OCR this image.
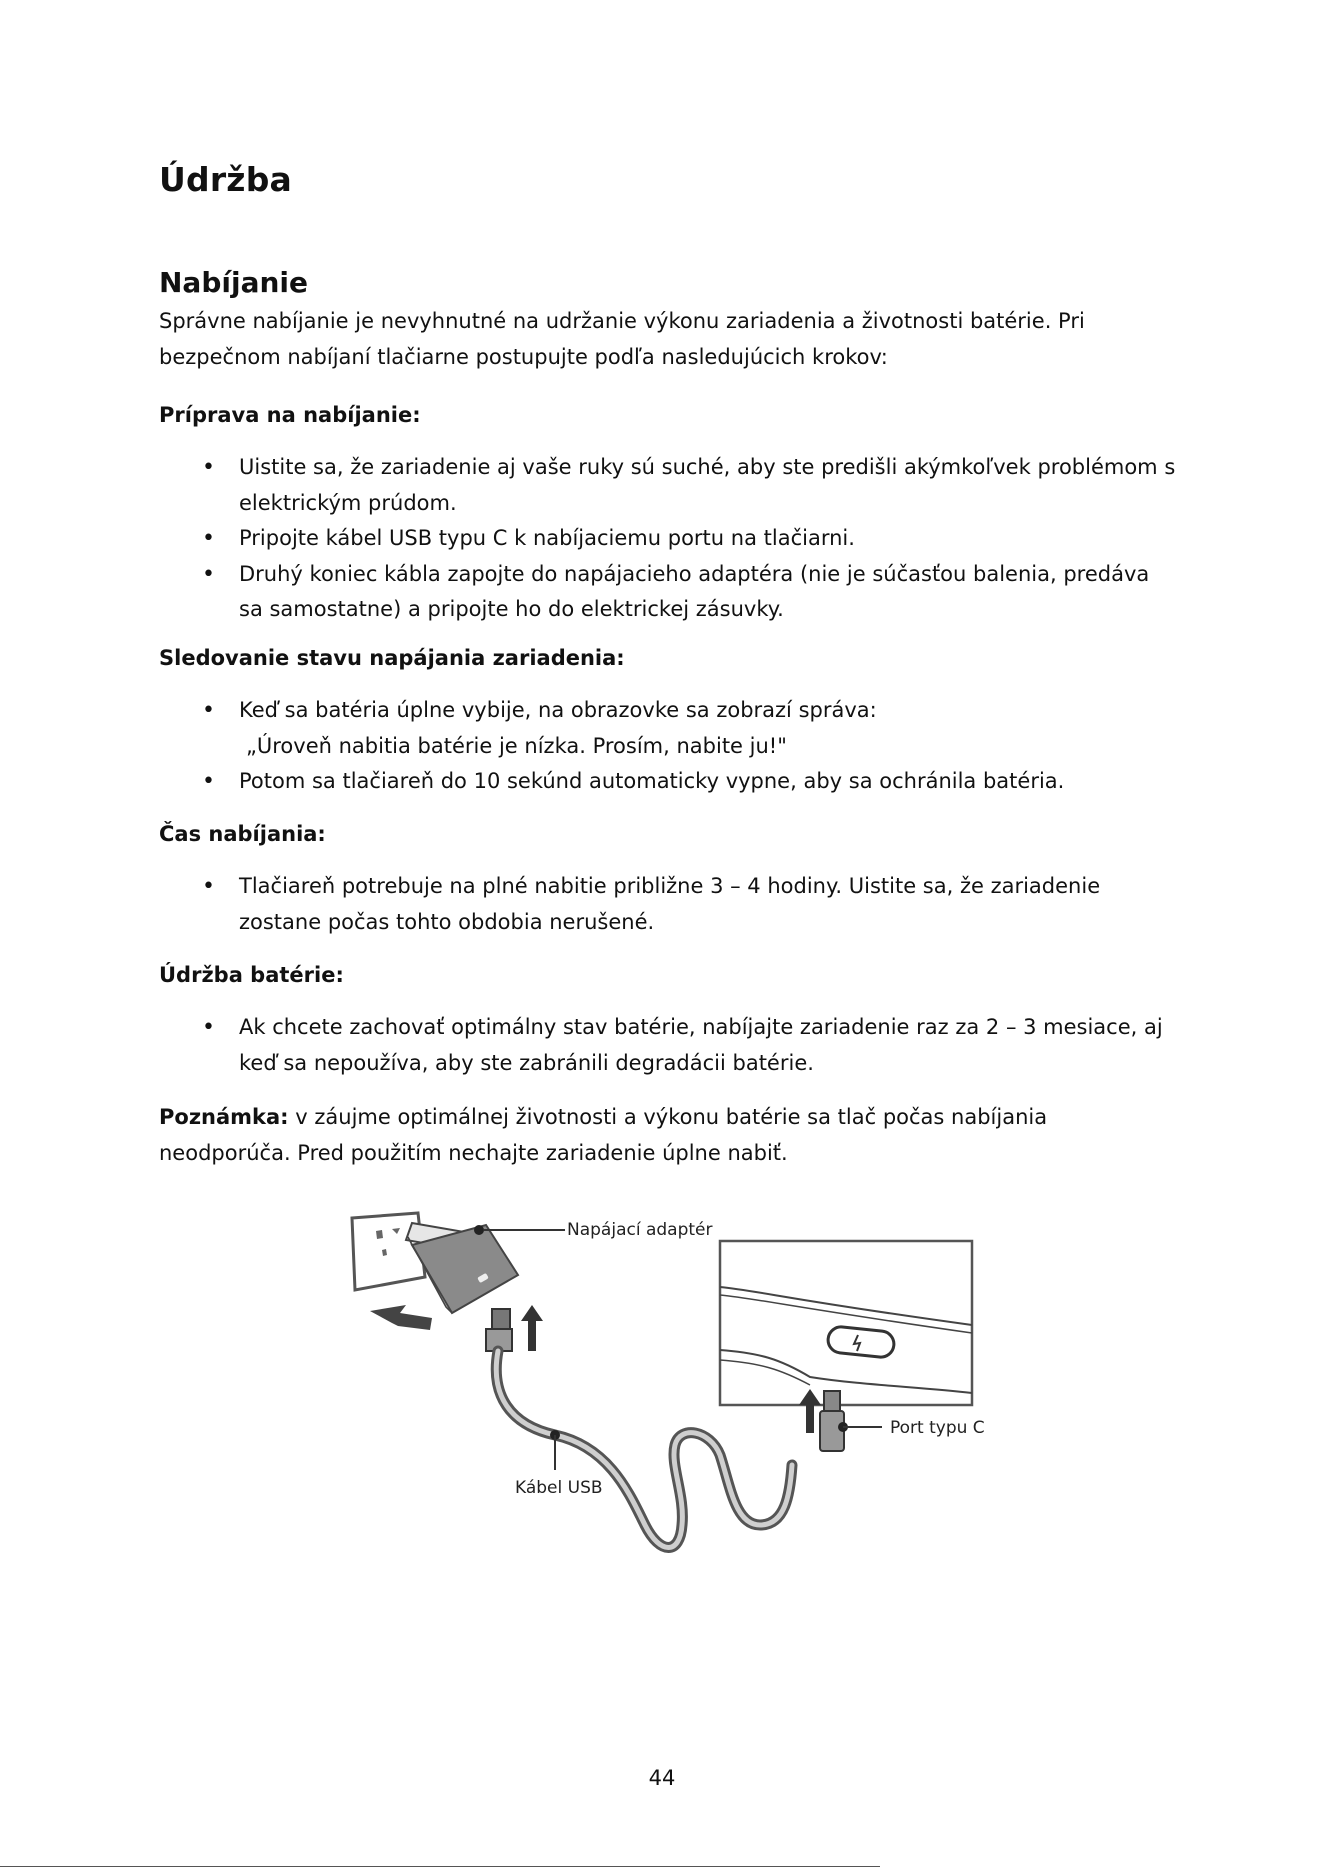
Údržba
Nabíjanie

Správne nabíjanie je nevyhnutné na udržanie výkonu zariadenia a životnosti batérie. Pri bezpečnom nabíjaní tlačiarne postupujte podľa nasledujúcich krokov:

Príprava na nabíjanie:

• Uistite sa, že zariadenie aj vaše ruky sú suché, aby ste predišli akýmkoľvek problémom s elektrickým prúdom.
• Pripojte kábel USB typu C k nabíjaciemu portu na tlačiarni.
• Druhý koniec kábla zapojte do napájacieho adaptéra (nie je súčasťou balenia, predáva sa samostatne) a pripojte ho do elektrickej zásuvky.

Sledovanie stavu napájania zariadenia:

• Keď sa batéria úplne vybije, na obrazovke sa zobrazí správa:
„Úroveň nabitia batérie je nízka. Prosím, nabite ju!"
• Potom sa tlačiareň do 10 sekúnd automaticky vypne, aby sa ochránila batéria.

Čas nabíjania:

• Tlačiareň potrebuje na plné nabitie približne 3 – 4 hodiny. Uistite sa, že zariadenie zostane počas tohto obdobia nerušené.

Údržba batérie:

• Ak chcete zachovať optimálny stav batérie, nabíjajte zariadenie raz za 2 – 3 mesiace, aj keď sa nepoužíva, aby ste zabránili degradácii batérie.

Poznámka: v záujme optimálnej životnosti a výkonu batérie sa tlač počas nabíjania neodporúča. Pred použitím nechajte zariadenie úplne nabiť.

Napájací adaptér
Kábel USB
Port typu C
44
